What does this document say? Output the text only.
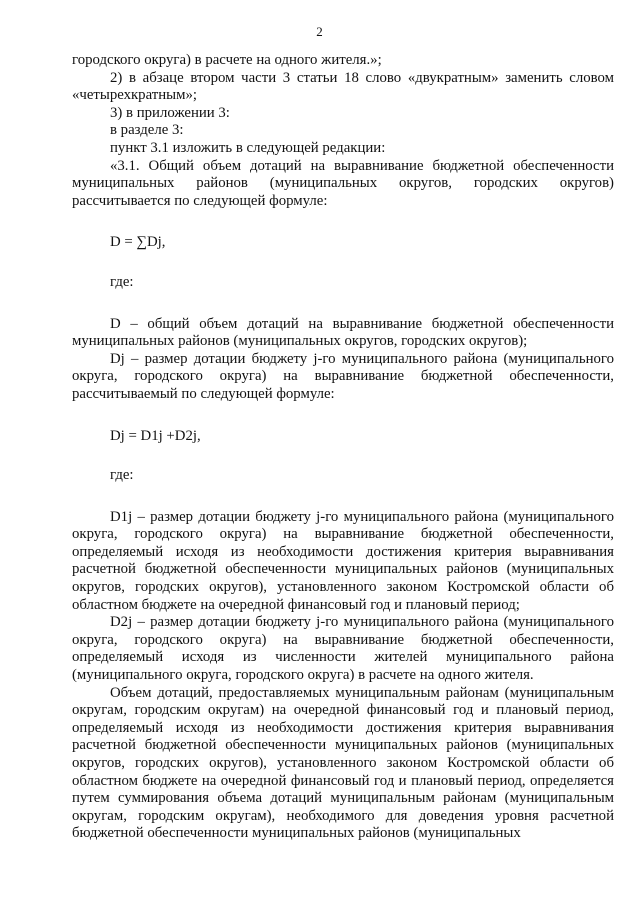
2

городского округа) в расчете на одного жителя.»;

2) в абзаце втором части 3 статьи 18 слово «двукратным» заменить словом «четырехкратным»;

3) в приложении 3:

в разделе 3:

пункт 3.1 изложить в следующей редакции:

«3.1. Общий объем дотаций на выравнивание бюджетной обеспеченности муниципальных районов (муниципальных округов, городских округов) рассчитывается по следующей формуле:

D = ∑Dj,

где:

D – общий объем дотаций на выравнивание бюджетной обеспеченности муниципальных районов (муниципальных округов, городских округов);

Dj – размер дотации бюджету j-го муниципального района (муниципального округа, городского округа) на выравнивание бюджетной обеспеченности, рассчитываемый по следующей формуле:

Dj = D1j +D2j,

где:

D1j – размер дотации бюджету j-го муниципального района (муниципального округа, городского округа) на выравнивание бюджетной обеспеченности, определяемый исходя из необходимости достижения критерия выравнивания расчетной бюджетной обеспеченности муниципальных районов (муниципальных округов, городских округов), установленного законом Костромской области об областном бюджете на очередной финансовый год и плановый период;

D2j – размер дотации бюджету j-го муниципального района (муниципального округа, городского округа) на выравнивание бюджетной обеспеченности, определяемый исходя из численности жителей муниципального района (муниципального округа, городского округа) в расчете на одного жителя.

Объем дотаций, предоставляемых муниципальным районам (муниципальным округам, городским округам) на очередной финансовый год и плановый период, определяемый исходя из необходимости достижения критерия выравнивания расчетной бюджетной обеспеченности муниципальных районов (муниципальных округов, городских округов), установленного законом Костромской области об областном бюджете на очередной финансовый год и плановый период, определяется путем суммирования объема дотаций муниципальным районам (муниципальным округам, городским округам), необходимого для доведения уровня расчетной бюджетной обеспеченности муниципальных районов (муниципальных
